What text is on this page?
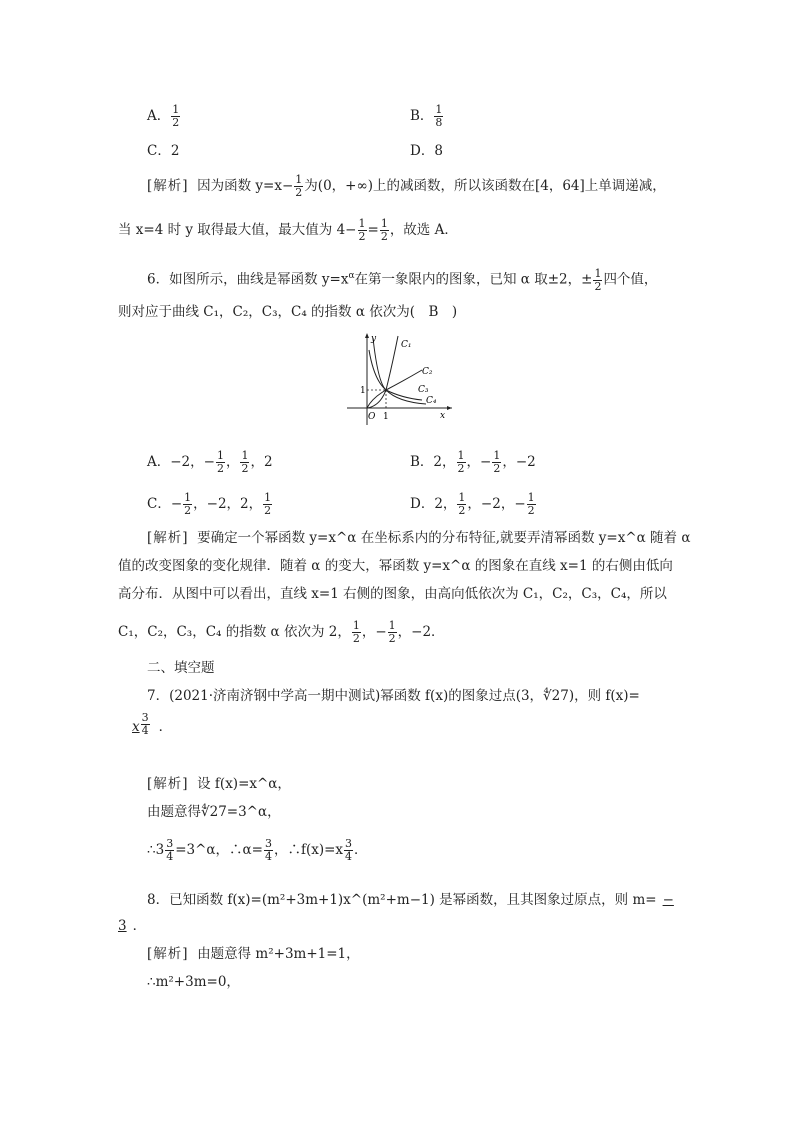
A． $\frac{1}{2}$	B． $\frac{1}{8}$
C．2	D．8
[解析] 因为函数 $y=x- \frac{1}{2}$ 为(0，+∞)上的减函数，所以该函数在[4，64]上单调递减，
当 x=4 时 y 取得最大值，最大值为 $4- \frac{1}{2} = \frac{1}{2}$ ，故选 A．
6．如图所示，曲线是幂函数 $y=x^\alpha$在第一象限内的图象，已知 α 取±2，± $\frac{1}{2}$ 四个值，
则对应于曲线 C₁，C₂，C₃，C₄ 的指数 α 依次为(　B　)
y
x
O 1
1
C₁
C₂
C₃
C₄
A．−2，− $\frac{1}{2}$ ， $\frac{1}{2}$ ，2	B．2， $\frac{1}{2}$ ，− $\frac{1}{2}$ ，−2
C．− $\frac{1}{2}$ ，−2，2， $\frac{1}{2}$	D．2， $\frac{1}{2}$ ，−2，− $\frac{1}{2}$
[解析] 要确定一个幂函数 y=x^α 在坐标系内的分布特征,就要弄清幂函数 y=x^α 随着 α
值的改变图象的变化规律．随着 α 的变大，幂函数 y=x^α 的图象在直线 x=1 的右侧由低向
高分布．从图中可以看出，直线 x=1 右侧的图象，由高向低依次为 C₁，C₂，C₃，C₄，所以
C₁，C₂，C₃，C₄ 的指数 α 依次为 2， $\frac{1}{2}$ ，− $\frac{1}{2}$ ，−2．
二、填空题
7．(2021·济南济钢中学高一期中测试)幂函数 f(x)的图象过点(3，∜27)，则 f(x)=
x $\frac{3}{4}$ ．
[解析] 设 f(x)=x^α，
由题意得∜27=3^α，
∴3 $\frac{3}{4}$ =3^α，∴α= $\frac{3}{4}$ ，∴f(x)=x $\frac{3}{4}$ ．
8．已知函数 f(x)=(m²+3m+1)x^(m²+m−1) 是幂函数，且其图象过原点，则 m= −
3 ．
[解析] 由题意得 m²+3m+1=1，
∴m²+3m=0，
